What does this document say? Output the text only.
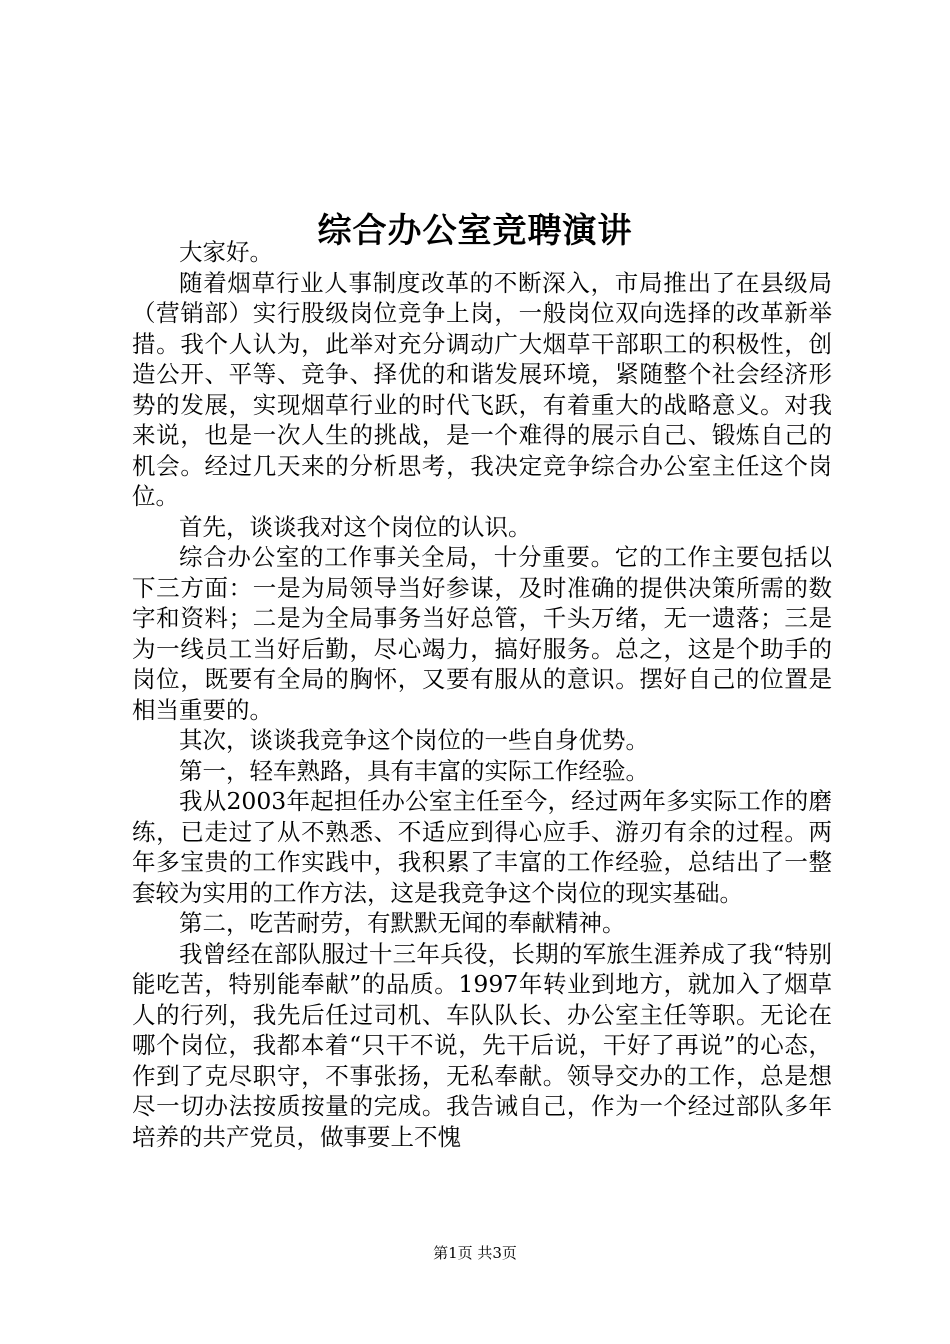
综合办公室竞聘演讲

大家好。

随着烟草行业人事制度改革的不断深入，市局推出了在县级局（营销部）实行股级岗位竞争上岗，一般岗位双向选择的改革新举措。我个人认为，此举对充分调动广大烟草干部职工的积极性，创造公开、平等、竞争、择优的和谐发展环境，紧随整个社会经济形势的发展，实现烟草行业的时代飞跃，有着重大的战略意义。对我来说，也是一次人生的挑战，是一个难得的展示自己、锻炼自己的机会。经过几天来的分析思考，我决定竞争综合办公室主任这个岗位。

首先，谈谈我对这个岗位的认识。

综合办公室的工作事关全局，十分重要。它的工作主要包括以下三方面：一是为局领导当好参谋，及时准确的提供决策所需的数字和资料；二是为全局事务当好总管，千头万绪，无一遗落；三是为一线员工当好后勤，尽心竭力，搞好服务。总之，这是个助手的岗位，既要有全局的胸怀，又要有服从的意识。摆好自己的位置是相当重要的。

其次，谈谈我竞争这个岗位的一些自身优势。

第一，轻车熟路，具有丰富的实际工作经验。

我从2003年起担任办公室主任至今，经过两年多实际工作的磨练，已走过了从不熟悉、不适应到得心应手、游刃有余的过程。两年多宝贵的工作实践中，我积累了丰富的工作经验，总结出了一整套较为实用的工作方法，这是我竞争这个岗位的现实基础。

第二，吃苦耐劳，有默默无闻的奉献精神。

我曾经在部队服过十三年兵役，长期的军旅生涯养成了我“特别能吃苦，特别能奉献”的品质。1997年转业到地方，就加入了烟草人的行列，我先后任过司机、车队队长、办公室主任等职。无论在哪个岗位，我都本着“只干不说，先干后说，干好了再说”的心态，作到了克尽职守，不事张扬，无私奉献。领导交办的工作，总是想尽一切办法按质按量的完成。我告诫自己，作为一个经过部队多年培养的共产党员，做事要上不愧

第1页 共3页
